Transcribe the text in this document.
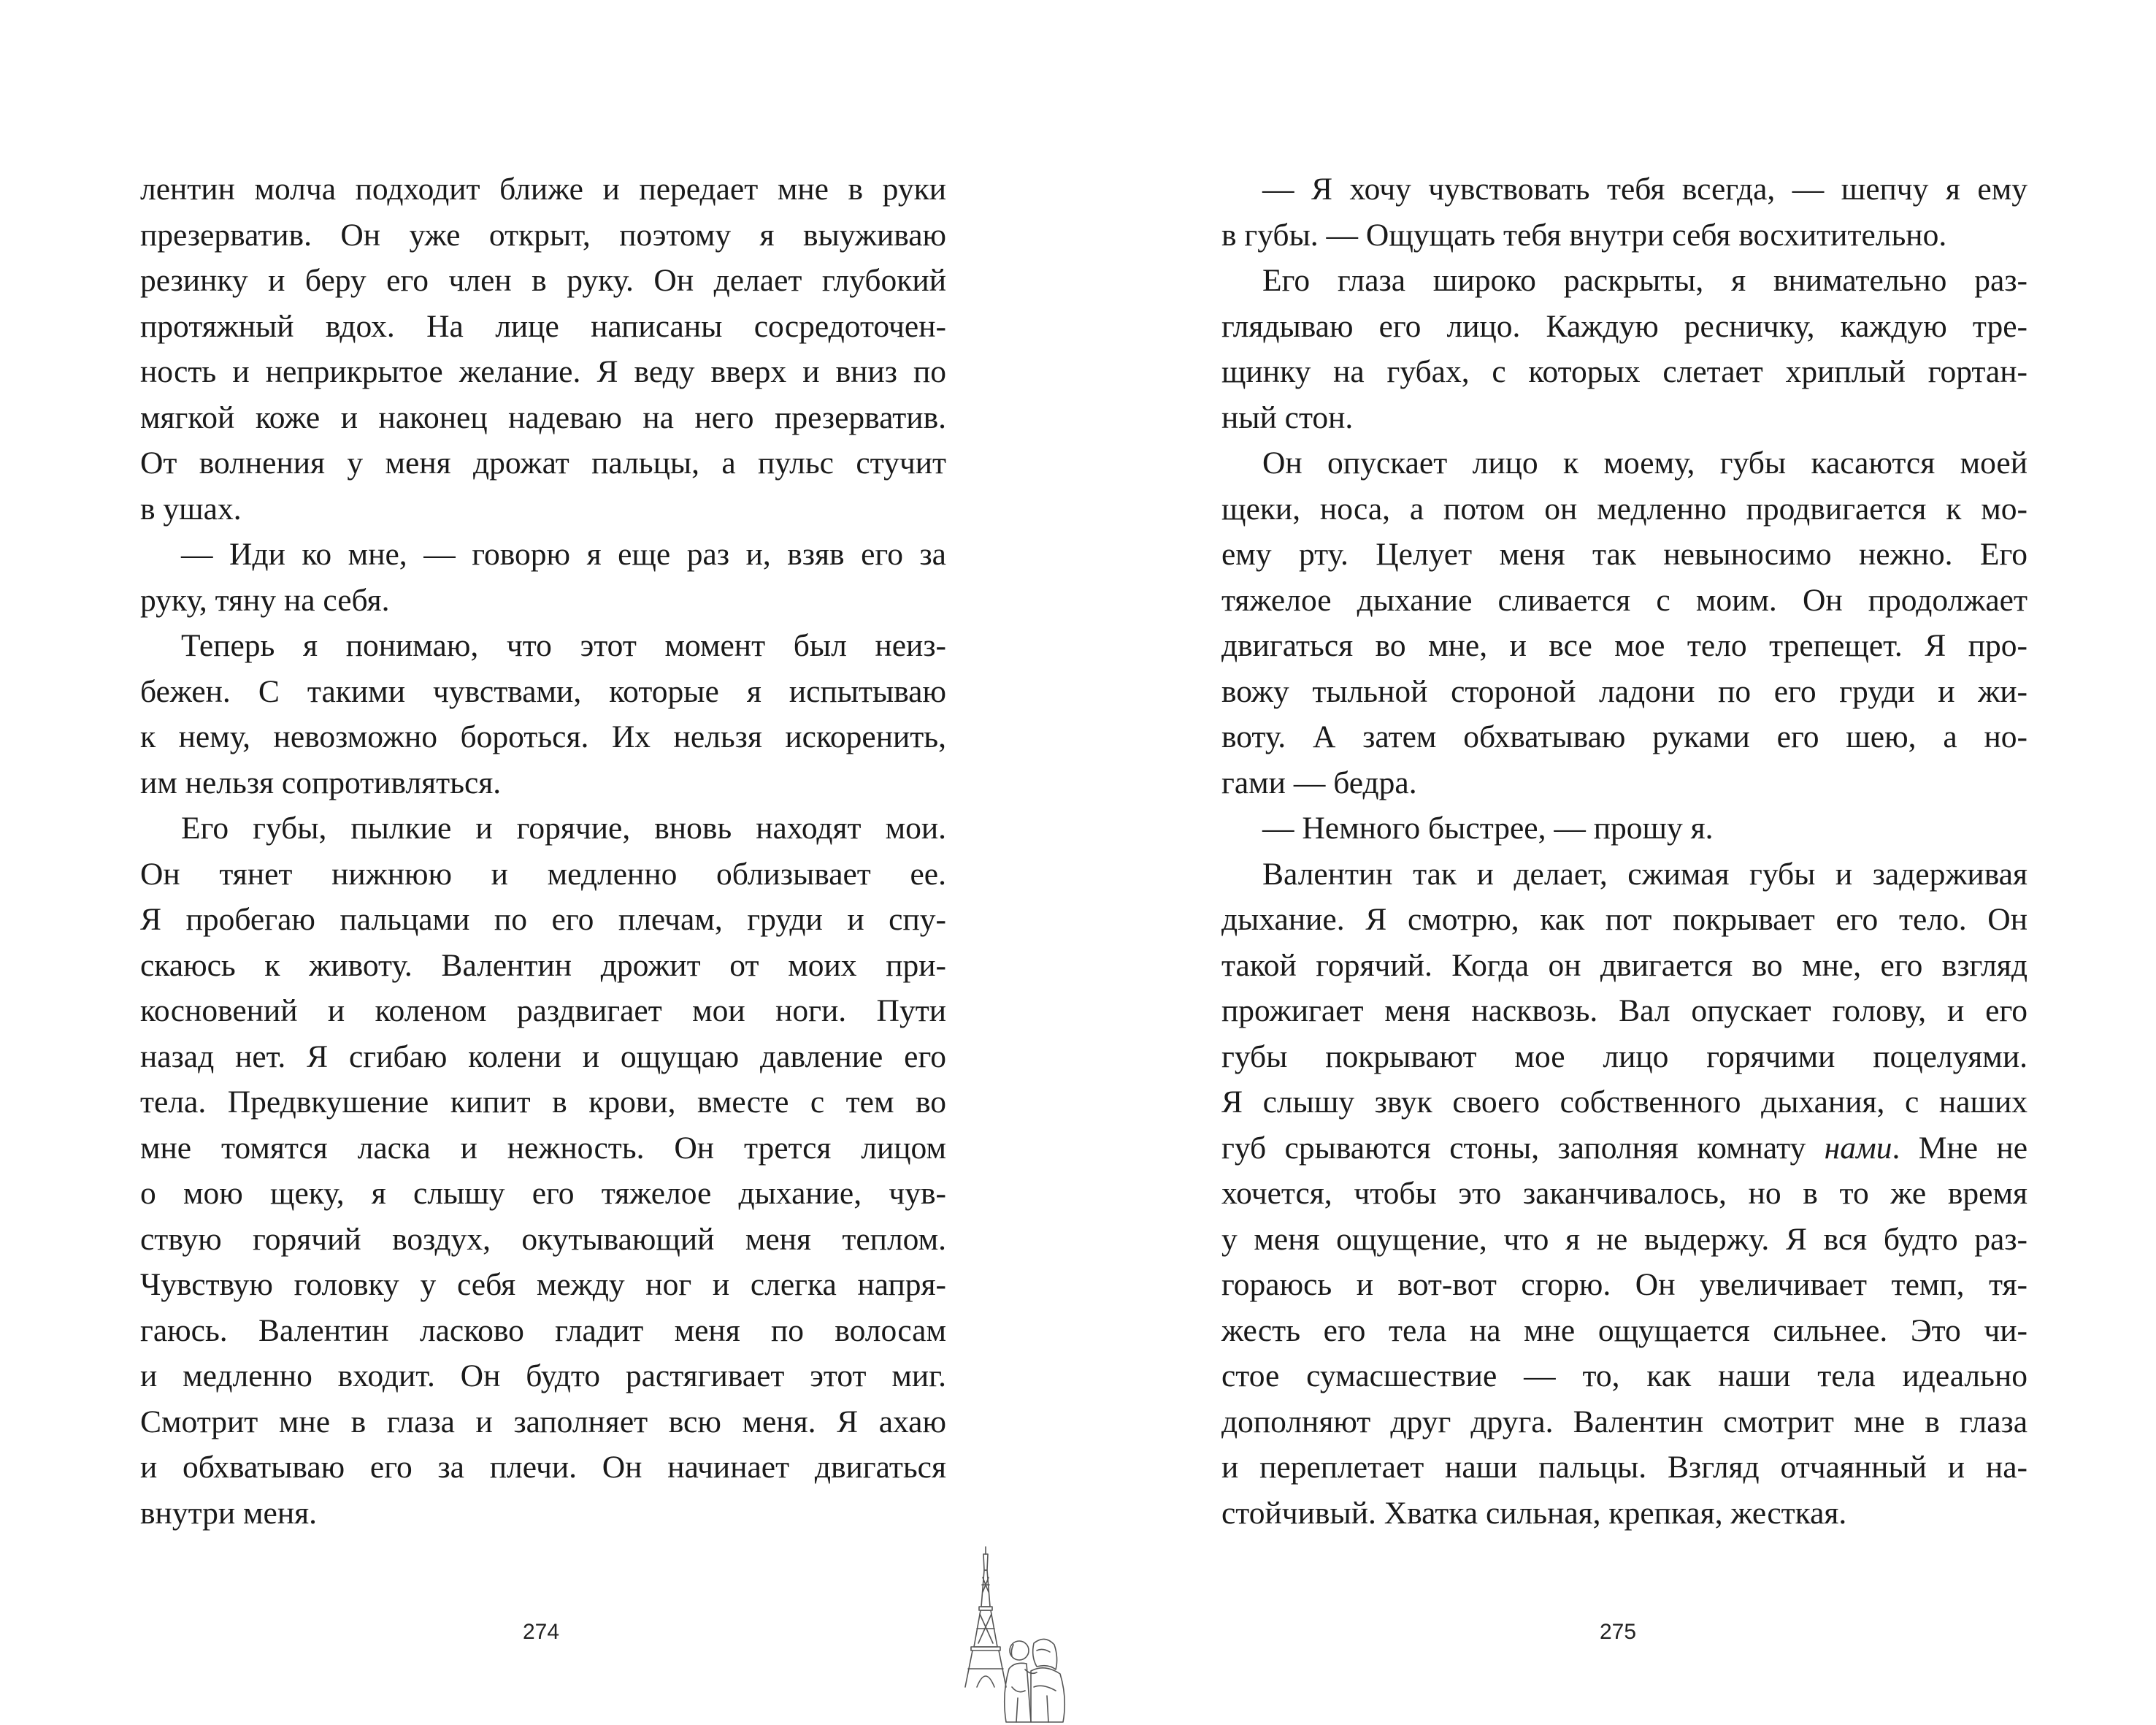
лентин молча подходит ближе и передает мне в руки
презерватив. Он уже открыт, поэтому я выуживаю
резинку и беру его член в руку. Он делает глубокий
протяжный вдох. На лице написаны сосредоточен-
ность и неприкрытое желание. Я веду вверх и вниз по
мягкой коже и наконец надеваю на него презерватив.
От волнения у меня дрожат пальцы, а пульс стучит
в ушах.
— Иди ко мне, — говорю я еще раз и, взяв его за
руку, тяну на себя.
Теперь я понимаю, что этот момент был неиз-
бежен. С такими чувствами, которые я испытываю
к нему, невозможно бороться. Их нельзя искоренить,
им нельзя сопротивляться.
Его губы, пылкие и горячие, вновь находят мои.
Он тянет нижнюю и медленно облизывает ее.
Я пробегаю пальцами по его плечам, груди и спу-
скаюсь к животу. Валентин дрожит от моих при-
косновений и коленом раздвигает мои ноги. Пути
назад нет. Я сгибаю колени и ощущаю давление его
тела. Предвкушение кипит в крови, вместе с тем во
мне томятся ласка и нежность. Он трется лицом
о мою щеку, я слышу его тяжелое дыхание, чув-
ствую горячий воздух, окутывающий меня теплом.
Чувствую головку у себя между ног и слегка напря-
гаюсь. Валентин ласково гладит меня по волосам
и медленно входит. Он будто растягивает этот миг.
Смотрит мне в глаза и заполняет всю меня. Я ахаю
и обхватываю его за плечи. Он начинает двигаться
внутри меня.
274
— Я хочу чувствовать тебя всегда, — шепчу я ему
в губы. — Ощущать тебя внутри себя восхитительно.
Его глаза широко раскрыты, я внимательно раз-
глядываю его лицо. Каждую ресничку, каждую тре-
щинку на губах, с которых слетает хриплый гортан-
ный стон.
Он опускает лицо к моему, губы касаются моей
щеки, носа, а потом он медленно продвигается к мо-
ему рту. Целует меня так невыносимо нежно. Его
тяжелое дыхание сливается с моим. Он продолжает
двигаться во мне, и все мое тело трепещет. Я про-
вожу тыльной стороной ладони по его груди и жи-
воту. А затем обхватываю руками его шею, а но-
гами — бедра.
— Немного быстрее, — прошу я.
Валентин так и делает, сжимая губы и задерживая
дыхание. Я смотрю, как пот покрывает его тело. Он
такой горячий. Когда он двигается во мне, его взгляд
прожигает меня насквозь. Вал опускает голову, и его
губы покрывают мое лицо горячими поцелуями.
Я слышу звук своего собственного дыхания, с наших
губ срываются стоны, заполняя комнату нами. Мне не
хочется, чтобы это заканчивалось, но в то же время
у меня ощущение, что я не выдержу. Я вся будто раз-
гораюсь и вот-вот сгорю. Он увеличивает темп, тя-
жесть его тела на мне ощущается сильнее. Это чи-
стое сумасшествие — то, как наши тела идеально
дополняют друг друга. Валентин смотрит мне в глаза
и переплетает наши пальцы. Взгляд отчаянный и на-
стойчивый. Хватка сильная, крепкая, жесткая.
275
